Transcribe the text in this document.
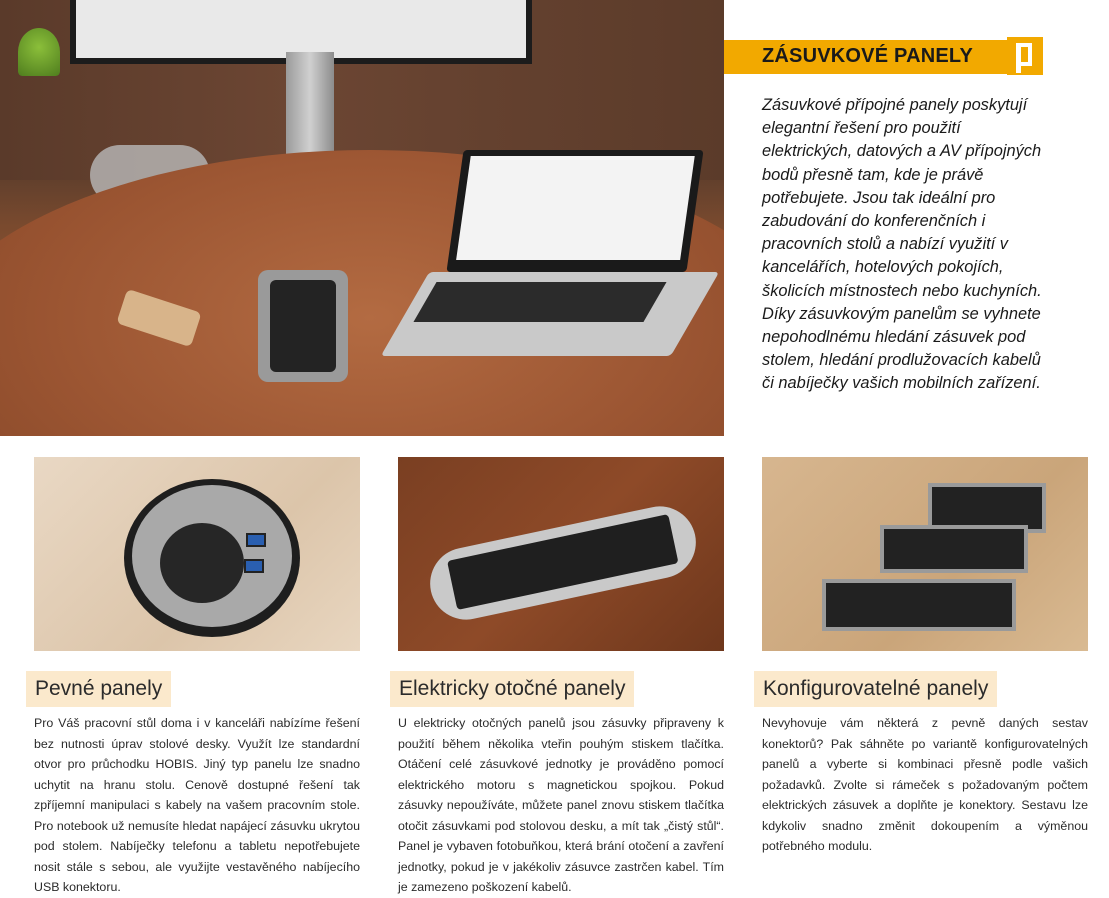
ZÁSUVKOVÉ PANELY

Zásuvkové přípojné panely poskytují elegantní řešení pro použití elektrických, datových a AV přípojných bodů přesně tam, kde je právě potřebujete. Jsou tak ideální pro zabudování do konferenčních i pracovních stolů a nabízí využití v kancelářích, hotelových pokojích, školicích místnostech nebo kuchyních. Díky zásuvkovým panelům se vyhnete nepohodlnému hledání zásuvek pod stolem, hledání prodlužovacích kabelů či nabíječky vašich mobilních zařízení.

Pevné panely	Elektricky otočné panely	Konfigurovatelné panely

Pro Váš pracovní stůl doma i v kanceláři nabízíme řešení bez nutnosti úprav stolové desky. Využít lze standardní otvor pro průchodku HOBIS. Jiný typ panelu lze snadno uchytit na hranu stolu. Cenově dostupné řešení tak zpříjemní manipulaci s kabely na vašem pracovním stole. Pro notebook už nemusíte hledat napájecí zásuvku ukrytou pod stolem. Nabíječky telefonu a tabletu nepotřebujete nosit stále s sebou, ale využijte vestavěného nabíjecího USB konektoru.

U elektricky otočných panelů jsou zásuvky připraveny k použití během několika vteřin pouhým stiskem tlačítka. Otáčení celé zásuvkové jednotky je prováděno pomocí elektrického motoru s magnetickou spojkou. Pokud zásuvky nepoužíváte, můžete panel znovu stiskem tlačítka otočit zásuvkami pod stolovou desku, a mít tak „čistý stůl“. Panel je vybaven fotobuňkou, která brání otočení a zavření jednotky, pokud je v jakékoliv zásuvce zastrčen kabel. Tím je zamezeno poškození kabelů.

Nevyhovuje vám některá z pevně daných sestav konektorů? Pak sáhněte po variantě konfigurovatelných panelů a vyberte si kombinaci přesně podle vašich požadavků. Zvolte si rámeček s požadovaným počtem elektrických zásuvek a doplňte je konektory. Sestavu lze kdykoliv snadno změnit dokoupením a výměnou potřebného modulu.
